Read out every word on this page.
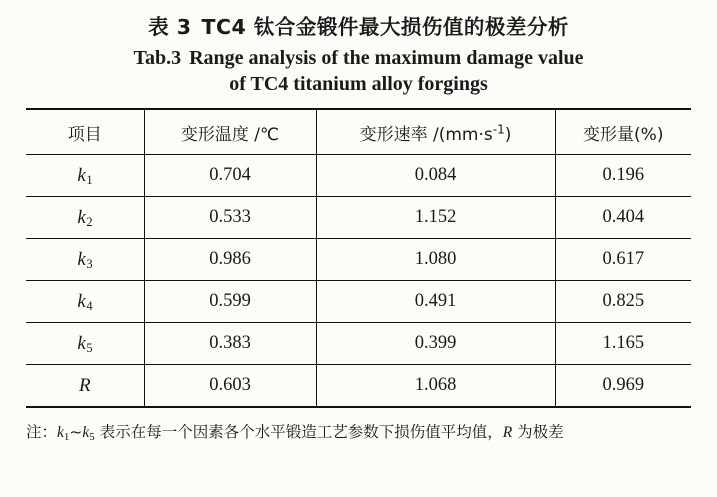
表 3 TC4 钛合金锻件最大损伤值的极差分析
Tab.3 Range analysis of the maximum damage value
of TC4 titanium alloy forgings
项目	变形温度 /℃	变形速率 $/(mm\cdot s^{-1})$	变形量(%)
$k_1$	0.704	0.084	0.196
$k_2$	0.533	1.152	0.404
$k_3$	0.986	1.080	0.617
$k_4$	0.599	0.491	0.825
$k_5$	0.383	0.399	1.165
R	0.603	1.068	0.969
注：$k_1\sim k_5$ 表示在每一个因素各个水平锻造工艺参数下损伤值平均值，R 为极差
